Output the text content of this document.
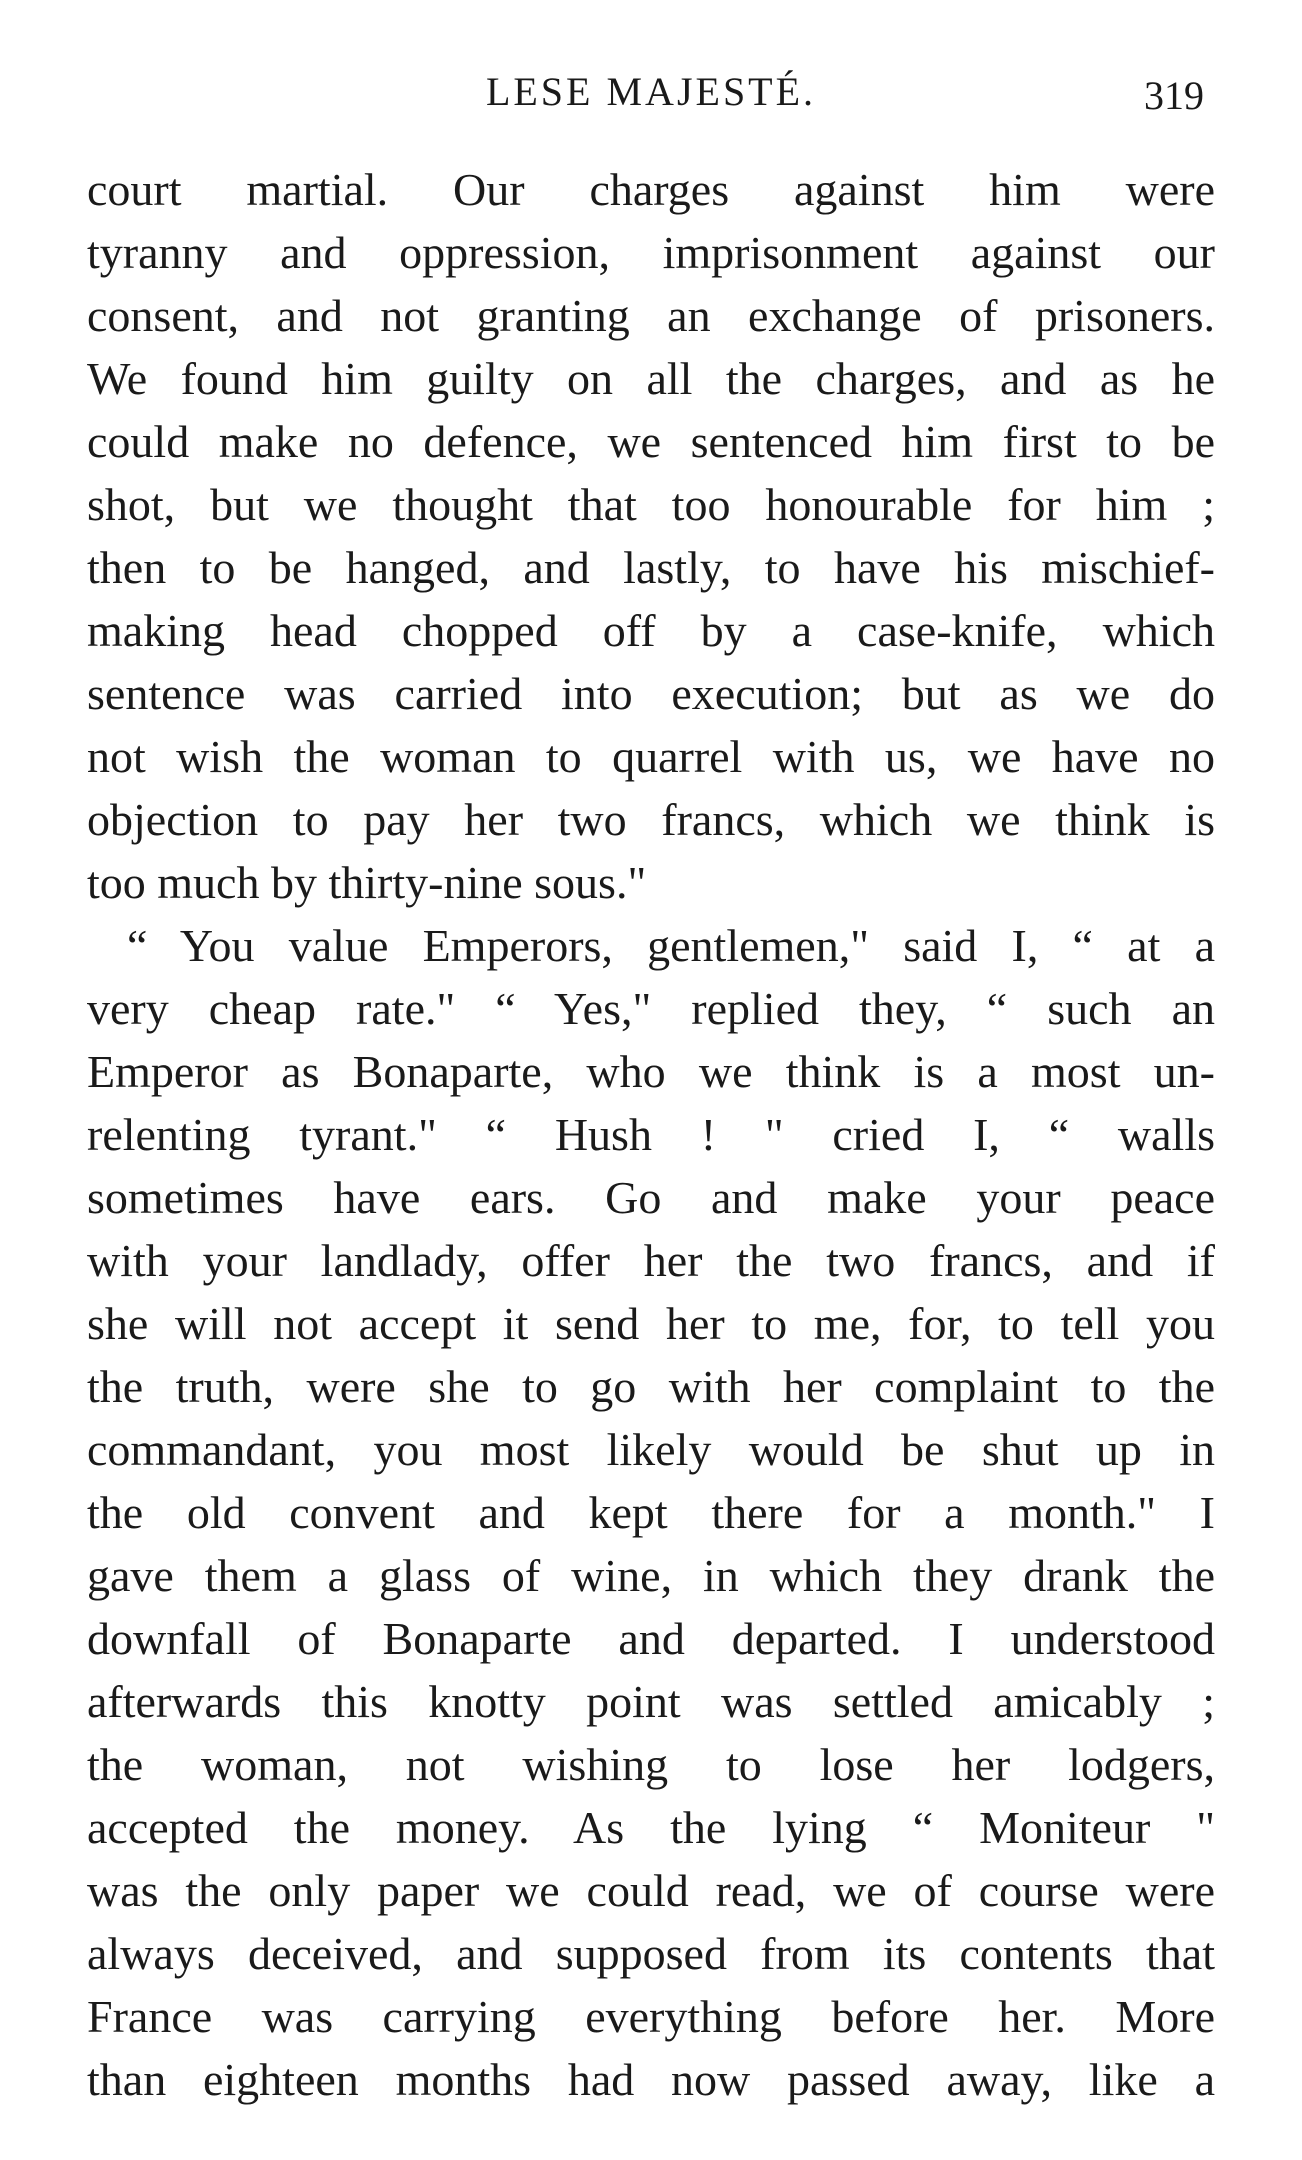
LESE MAJESTÉ.	319
court martial. Our charges against him were
tyranny and oppression, imprisonment against our
consent, and not granting an exchange of prisoners.
We found him guilty on all the charges, and as he
could make no defence, we sentenced him first to be
shot, but we thought that too honourable for him ;
then to be hanged, and lastly, to have his mischief-
making head chopped off by a case-knife, which
sentence was carried into execution; but as we do
not wish the woman to quarrel with us, we have no
objection to pay her two francs, which we think is
too much by thirty-nine sous."
“ You value Emperors, gentlemen," said I, “ at a
very cheap rate." “ Yes," replied they, “ such an
Emperor as Bonaparte, who we think is a most un-
relenting tyrant." “ Hush ! " cried I, “ walls
sometimes have ears. Go and make your peace
with your landlady, offer her the two francs, and if
she will not accept it send her to me, for, to tell you
the truth, were she to go with her complaint to the
commandant, you most likely would be shut up in
the old convent and kept there for a month." I
gave them a glass of wine, in which they drank the
downfall of Bonaparte and departed. I understood
afterwards this knotty point was settled amicably ;
the woman, not wishing to lose her lodgers,
accepted the money. As the lying “ Moniteur "
was the only paper we could read, we of course were
always deceived, and supposed from its contents that
France was carrying everything before her. More
than eighteen months had now passed away, like a
